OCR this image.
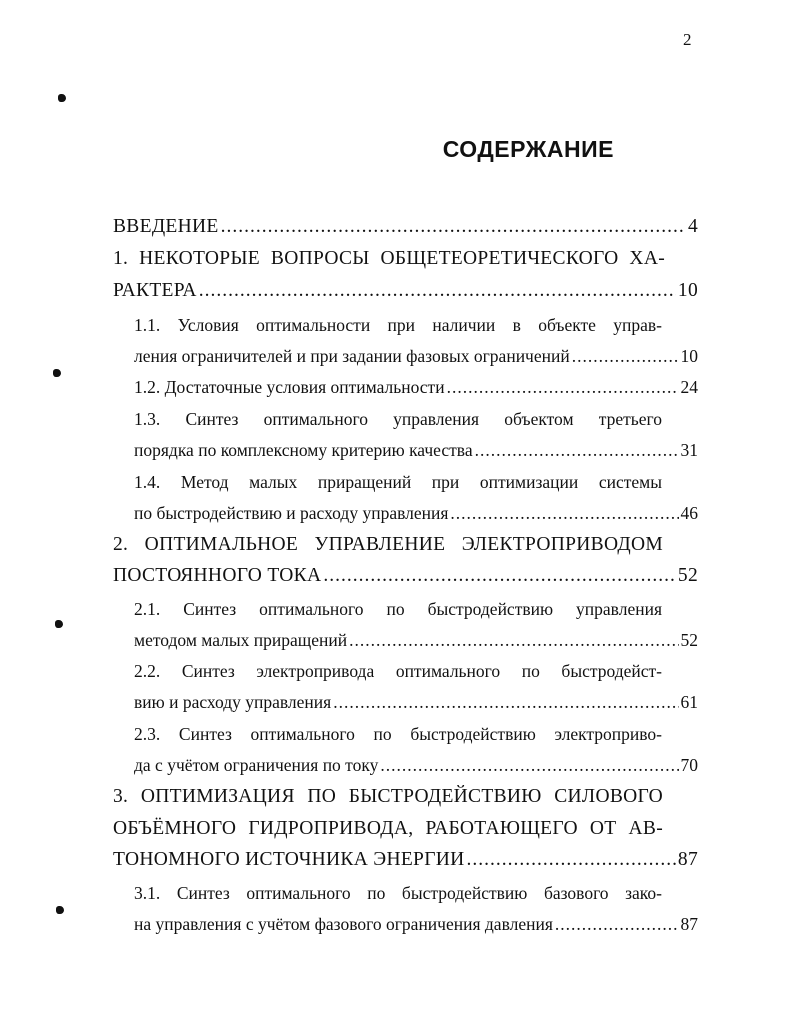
2
СОДЕРЖАНИЕ
ВВЕДЕНИЕ .....	4
1. НЕКОТОРЫЕ ВОПРОСЫ ОБЩЕТЕОРЕТИЧЕСКОГО ХА-
РАКТЕРА .....	10
1.1. Условия оптимальности при наличии в объекте управ-
ления ограничителей и при задании фазовых ограничений .....	10
1.2. Достаточные условия оптимальности .....	24
1.3. Синтез оптимального управления объектом третьего
порядка по комплексному критерию качества .....	31
1.4. Метод малых приращений при оптимизации системы
по быстродействию и расходу управления .....	46
2. ОПТИМАЛЬНОЕ УПРАВЛЕНИЕ ЭЛЕКТРОПРИВОДОМ
ПОСТОЯННОГО ТОКА .....	52
2.1. Синтез оптимального по быстродействию управления
методом малых приращений .....	52
2.2. Синтез электропривода оптимального по быстродейст-
вию и расходу управления .....	61
2.3. Синтез оптимального по быстродействию электроприво-
да с учётом ограничения по току .....	70
3. ОПТИМИЗАЦИЯ ПО БЫСТРОДЕЙСТВИЮ СИЛОВОГО
ОБЪЁМНОГО ГИДРОПРИВОДА, РАБОТАЮЩЕГО ОТ АВ-
ТОНОМНОГО ИСТОЧНИКА ЭНЕРГИИ .....	87
3.1. Синтез оптимального по быстродействию базового зако-
на управления с учётом фазового ограничения давления .....	87
